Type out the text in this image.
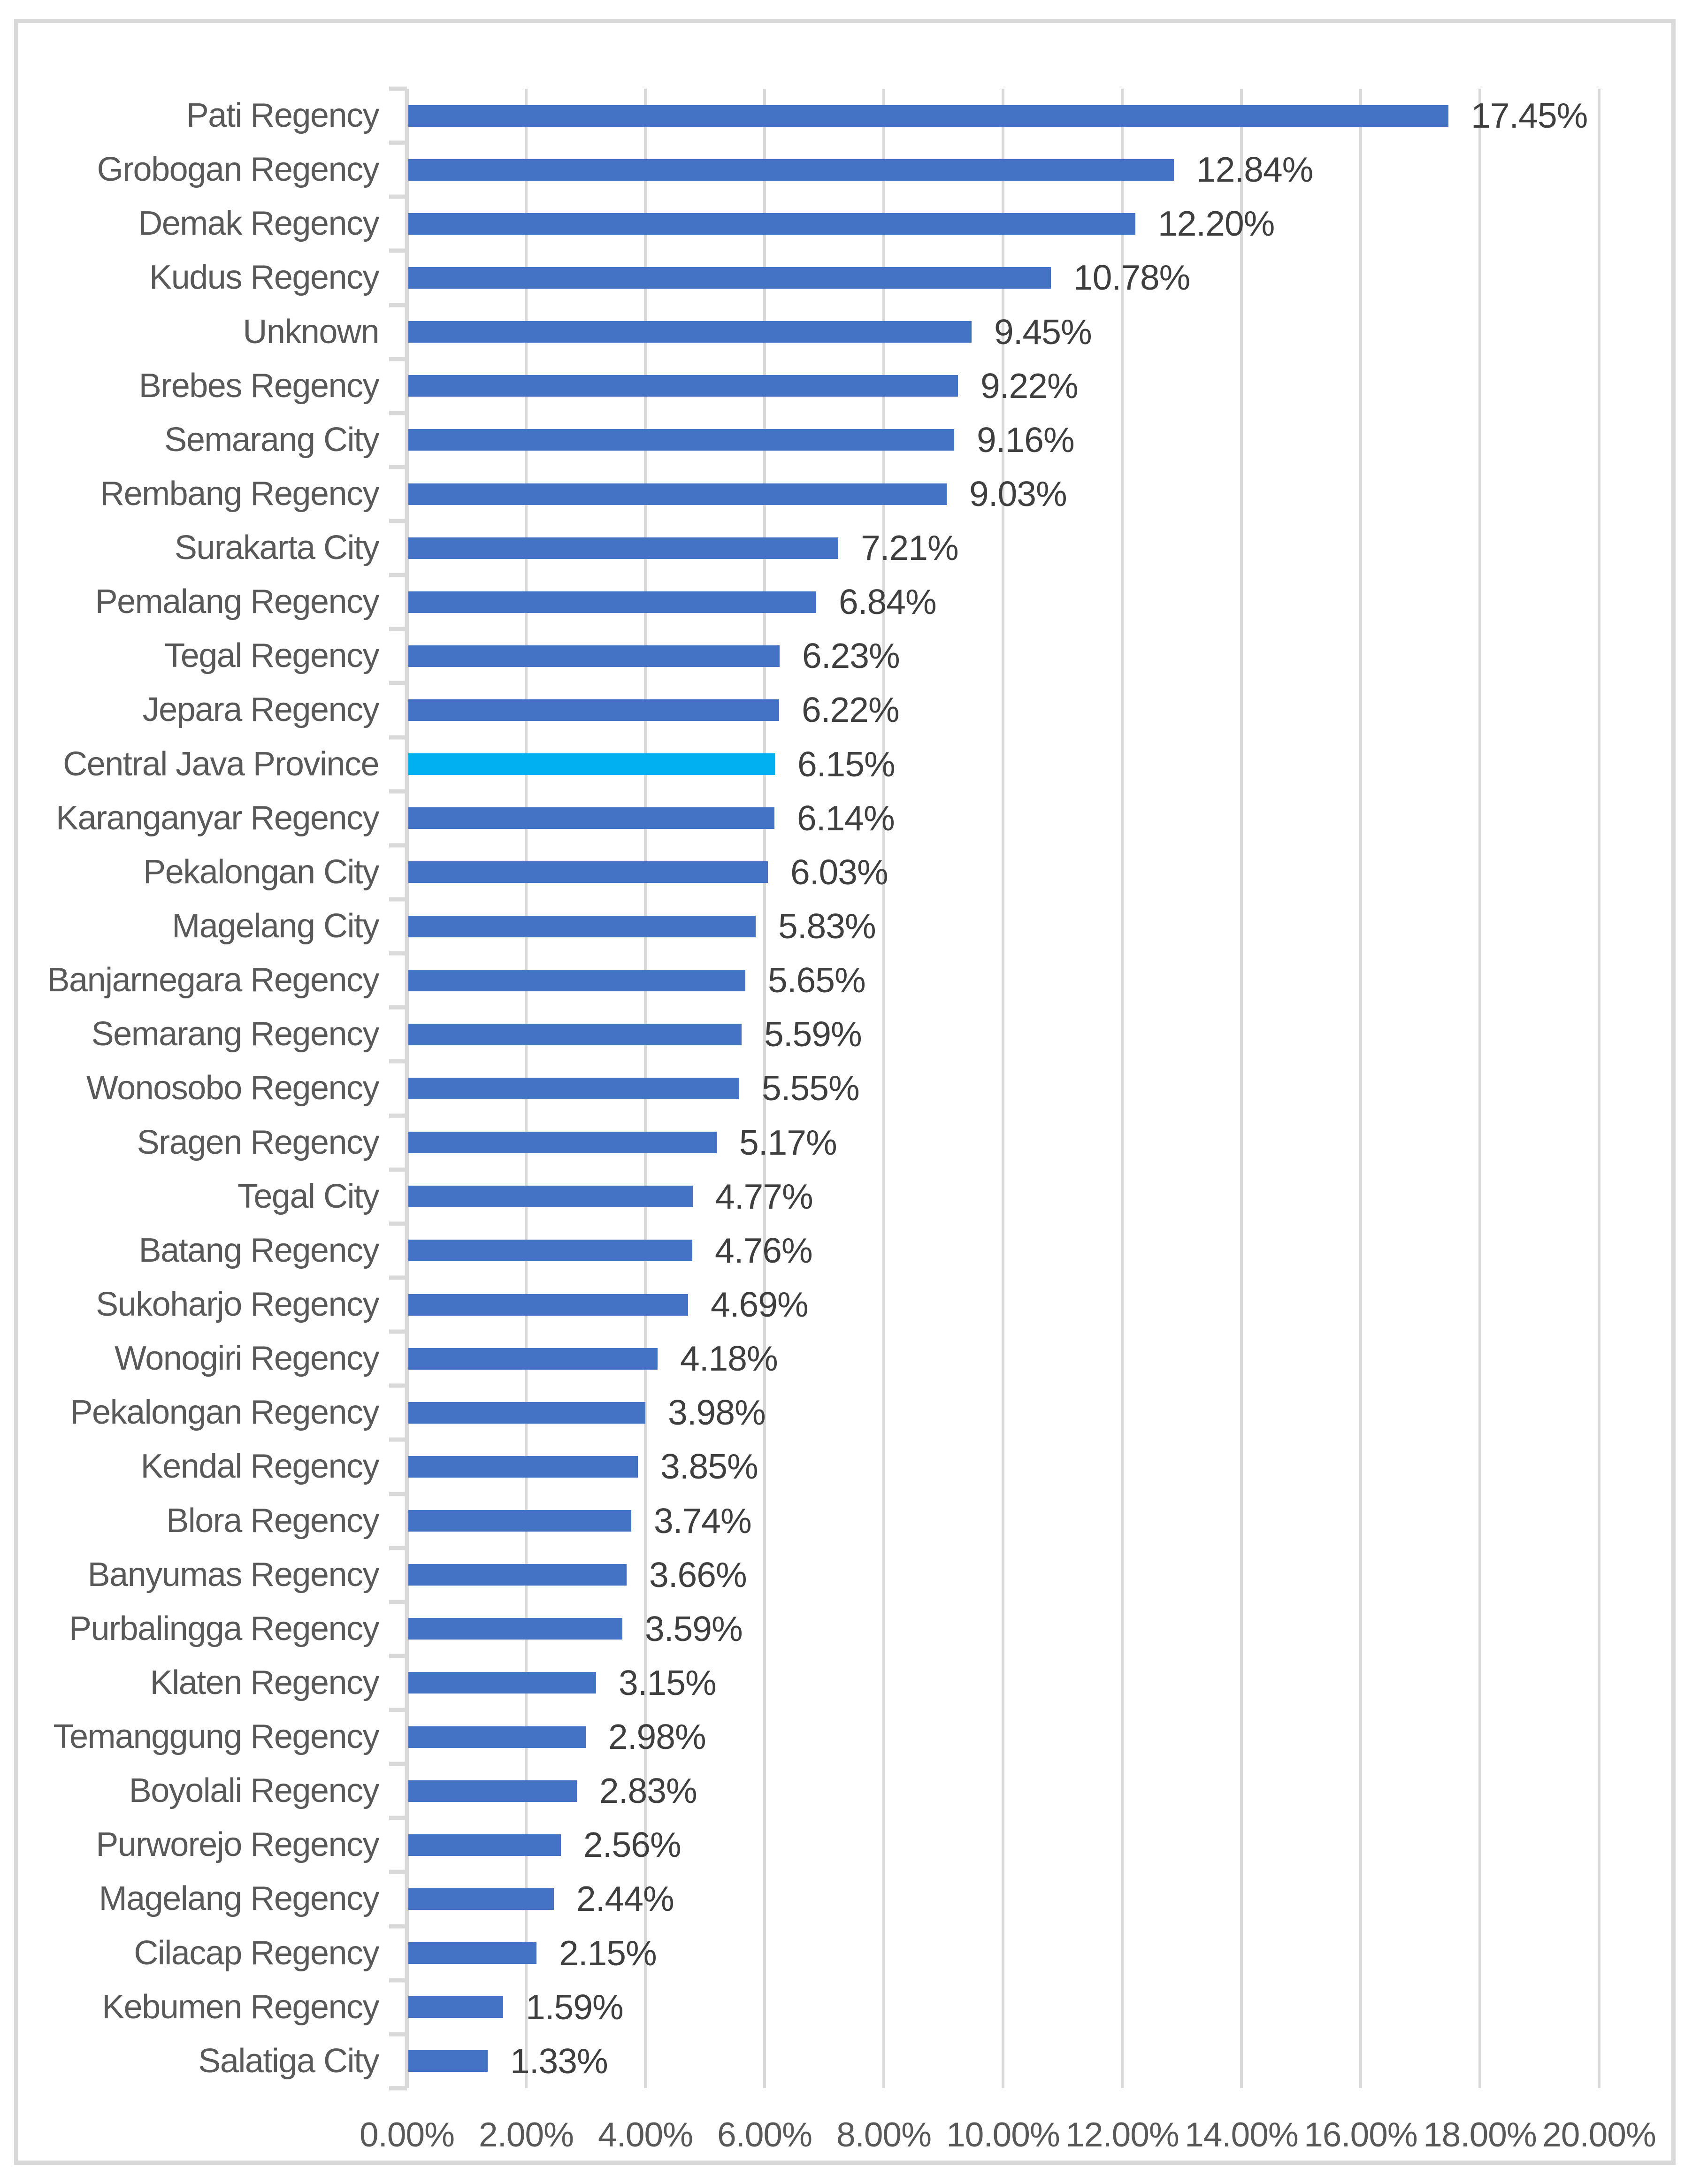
Pati Regency	17.45%
Grobogan Regency	12.84%
Demak Regency	12.20%
Kudus Regency	10.78%
Unknown	9.45%
Brebes Regency	9.22%
Semarang City	9.16%
Rembang Regency	9.03%
Surakarta City	7.21%
Pemalang Regency	6.84%
Tegal Regency	6.23%
Jepara Regency	6.22%
Central Java Province	6.15%
Karanganyar Regency	6.14%
Pekalongan City	6.03%
Magelang City	5.83%
Banjarnegara Regency	5.65%
Semarang Regency	5.59%
Wonosobo Regency	5.55%
Sragen Regency	5.17%
Tegal City	4.77%
Batang Regency	4.76%
Sukoharjo Regency	4.69%
Wonogiri Regency	4.18%
Pekalongan Regency	3.98%
Kendal Regency	3.85%
Blora Regency	3.74%
Banyumas Regency	3.66%
Purbalingga Regency	3.59%
Klaten Regency	3.15%
Temanggung Regency	2.98%
Boyolali Regency	2.83%
Purworejo Regency	2.56%
Magelang Regency	2.44%
Cilacap Regency	2.15%
Kebumen Regency	1.59%
Salatiga City	1.33%
0.00% 2.00% 4.00% 6.00% 8.00% 10.00% 12.00% 14.00% 16.00% 18.00% 20.00%
